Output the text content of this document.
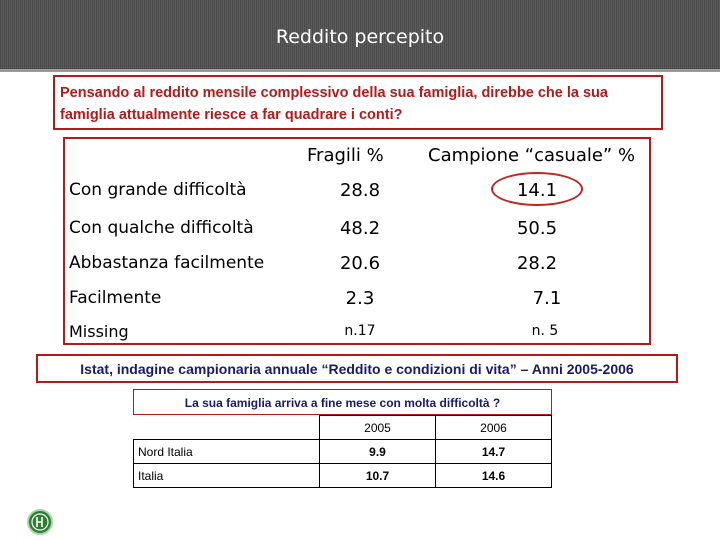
Reddito percepito
Pensando al reddito mensile complessivo della sua famiglia, direbbe che la sua famiglia attualmente riesce a far quadrare i conti?
Fragili % Campione “casuale” %
Con grande difficoltà	28.8	14.1
Con qualche difficoltà	48.2	50.5
Abbastanza facilmente	20.6	28.2
Facilmente	2.3	7.1
Missing	n.17	n. 5
Istat, indagine campionaria annuale “Reddito e condizioni di vita” – Anni 2005-2006
La sua famiglia arriva a fine mese con molta difficoltà ?
	2005	2006
Nord Italia	9.9	14.7
Italia	10.7	14.6
